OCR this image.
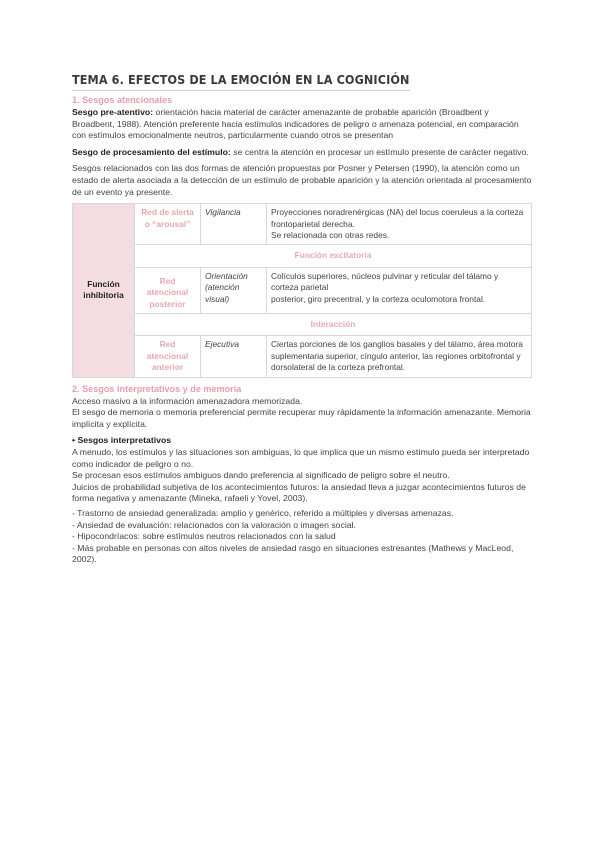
TEMA 6. EFECTOS DE LA EMOCIÓN EN LA COGNICIÓN
1. Sesgos atencionales

Sesgo pre-atentivo: orientación hacia material de carácter amenazante de probable aparición (Broadbent y Broadbent, 1988). Atención preferente hacia estímulos indicadores de peligro o amenaza potencial, en comparación con estímulos emocionalmente neutros, particularmente cuando otros se presentan

Sesgo de procesamiento del estímulo: se centra la atención en procesar un estímulo presente de carácter negativo.

Sesgos relacionados con las dos formas de atención propuestas por Posner y Petersen (1990), la atención como un estado de alerta asociada a la detección de un estímulo de probable aparición y la atención orientada al procesamiento de un evento ya presente.

Función inhibitoria	Red de alerta o “arousal”	Vigilancia	Proyecciones noradrenérgicas (NA) del locus coeruleus a la corteza frontoparietal derecha.
Se relacionada con otras redes.
	Función excitatoria		
	Red atencional posterior	Orientación (atención visual)	Colículos superiores, núcleos pulvinar y reticular del tálamo y corteza parietal
posterior, giro precentral, y la corteza oculomotora frontal.
	Interacción		
	Red atencional anterior	Ejecutiva	Ciertas porciones de los ganglios basales y del tálamo, área motora suplementaria superior, cíngulo anterior, las regiones orbitofrontal y dorsolateral de la corteza prefrontal.
2. Sesgos interpretativos y de memoria

Acceso masivo a la información amenazadora memorizada.

El sesgo de memoria o memoria preferencial permite recuperar muy rápidamente la información amenazante. Memoria implícita y explícita.

• Sesgos interpretativos

A menudo, los estímulos y las situaciones son ambiguas, lo que implica que un mismo estímulo pueda ser interpretado como indicador de peligro o no.

Se procesan esos estímulos ambiguos dando preferencia al significado de peligro sobre el neutro.

Juicios de probabilidad subjetiva de los acontecimientos futuros: la ansiedad lleva a juzgar acontecimientos futuros de forma negativa y amenazante (Mineka, rafaeli y Yovel, 2003).

- Trastorno de ansiedad generalizada: amplio y genérico, referido a múltiples y diversas amenazas.

- Ansiedad de evaluación: relacionados con la valoración o imagen social.

- Hipocondríacos: sobre estímulos neutros relacionados con la salud

- Más probable en personas con altos niveles de ansiedad rasgo en situaciones estresantes (Mathews y MacLeod, 2002).
